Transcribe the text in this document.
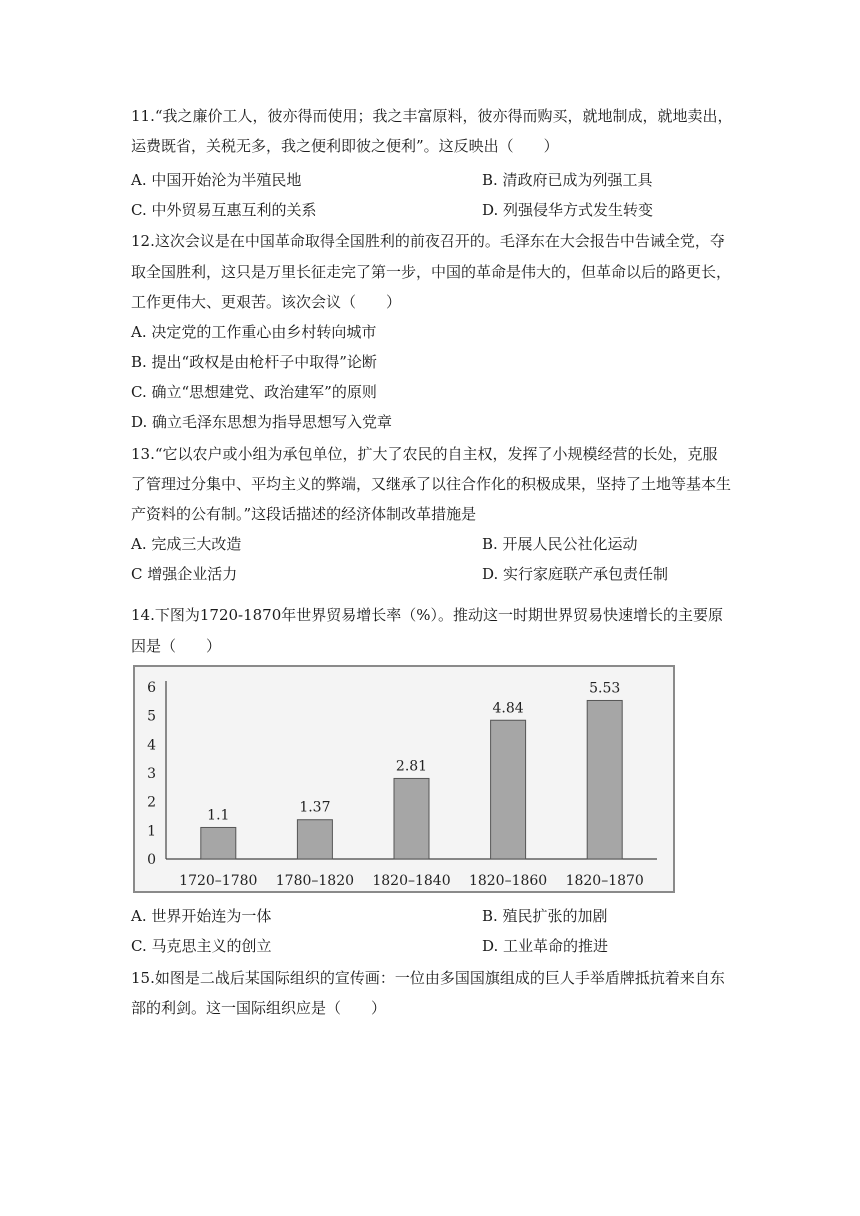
11.“我之廉价工人，彼亦得而使用；我之丰富原料，彼亦得而购买，就地制成，就地卖出，
运费既省，关税无多，我之便利即彼之便利”。这反映出（　　）
A. 中国开始沦为半殖民地	B. 清政府已成为列强工具
C. 中外贸易互惠互利的关系	D. 列强侵华方式发生转变
12.这次会议是在中国革命取得全国胜利的前夜召开的。毛泽东在大会报告中告诫全党，夺
取全国胜利，这只是万里长征走完了第一步，中国的革命是伟大的，但革命以后的路更长，
工作更伟大、更艰苦。该次会议（　　）
A. 决定党的工作重心由乡村转向城市
B. 提出“政权是由枪杆子中取得”论断
C. 确立“思想建党、政治建军”的原则
D. 确立毛泽东思想为指导思想写入党章
13.“它以农户或小组为承包单位，扩大了农民的自主权，发挥了小规模经营的长处，克服
了管理过分集中、平均主义的弊端，又继承了以往合作化的积极成果，坚持了土地等基本生
产资料的公有制。”这段话描述的经济体制改革措施是
A. 完成三大改造	B. 开展人民公社化运动
C 增强企业活力	D. 实行家庭联产承包责任制
14.下图为1720-1870年世界贸易增长率（%）。推动这一时期世界贸易快速增长的主要原
因是（　　）
0
1
2
3
4
5
6
1.1
1720–1780
1.37
1780–1820
2.81
1820–1840
4.84
1820–1860
5.53
1820–1870
A. 世界开始连为一体	B. 殖民扩张的加剧
C. 马克思主义的创立	D. 工业革命的推进
15.如图是二战后某国际组织的宣传画：一位由多国国旗组成的巨人手举盾牌抵抗着来自东
部的利剑。这一国际组织应是（　　）
